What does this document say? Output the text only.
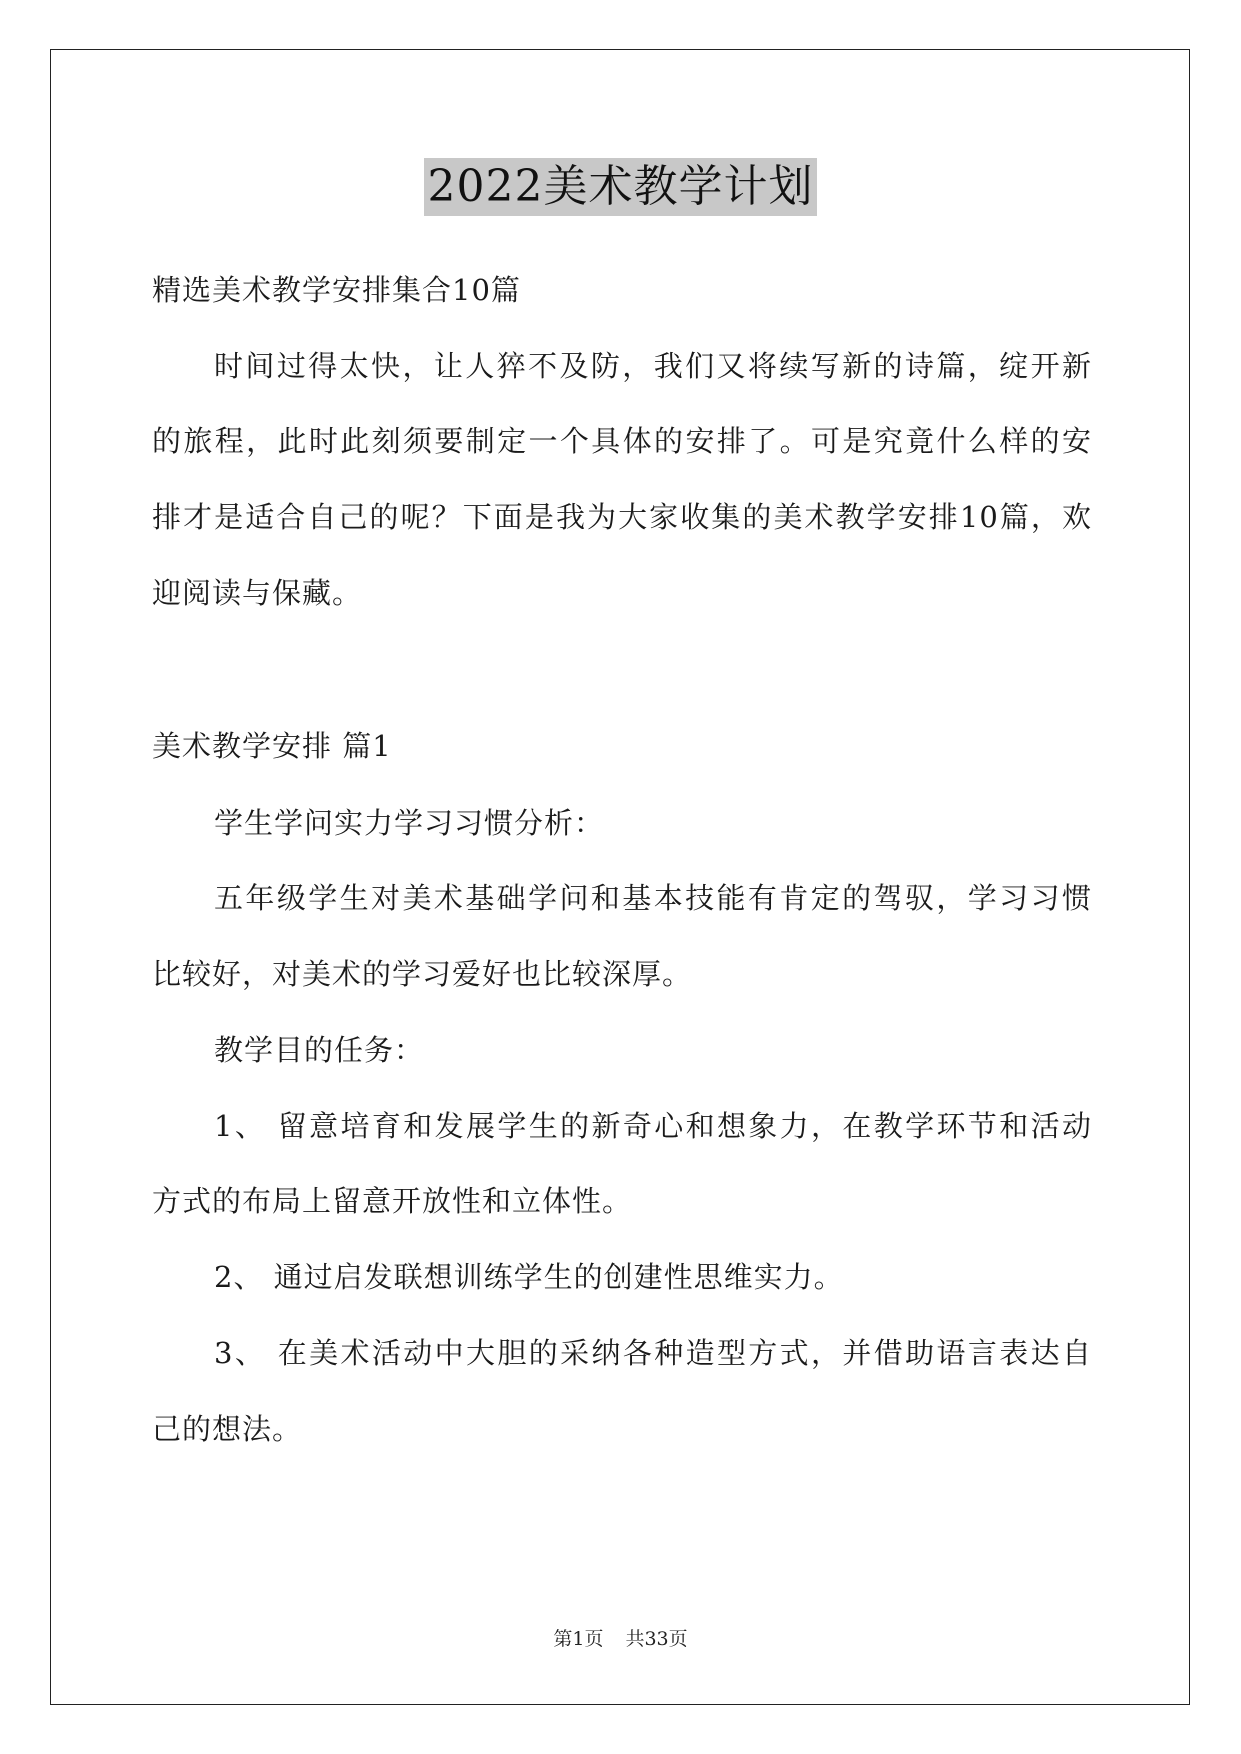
2022美术教学计划
精选美术教学安排集合10篇
时间过得太快，让人猝不及防，我们又将续写新的诗篇，绽开新
的旅程，此时此刻须要制定一个具体的安排了。可是究竟什么样的安
排才是适合自己的呢？下面是我为大家收集的美术教学安排10篇，欢
迎阅读与保藏。
美术教学安排 篇1
学生学问实力学习习惯分析：
五年级学生对美术基础学问和基本技能有肯定的驾驭，学习习惯
比较好，对美术的学习爱好也比较深厚。
教学目的任务：
1、 留意培育和发展学生的新奇心和想象力，在教学环节和活动
方式的布局上留意开放性和立体性。
2、 通过启发联想训练学生的创建性思维实力。
3、 在美术活动中大胆的采纳各种造型方式，并借助语言表达自
己的想法。
第1页 共33页
